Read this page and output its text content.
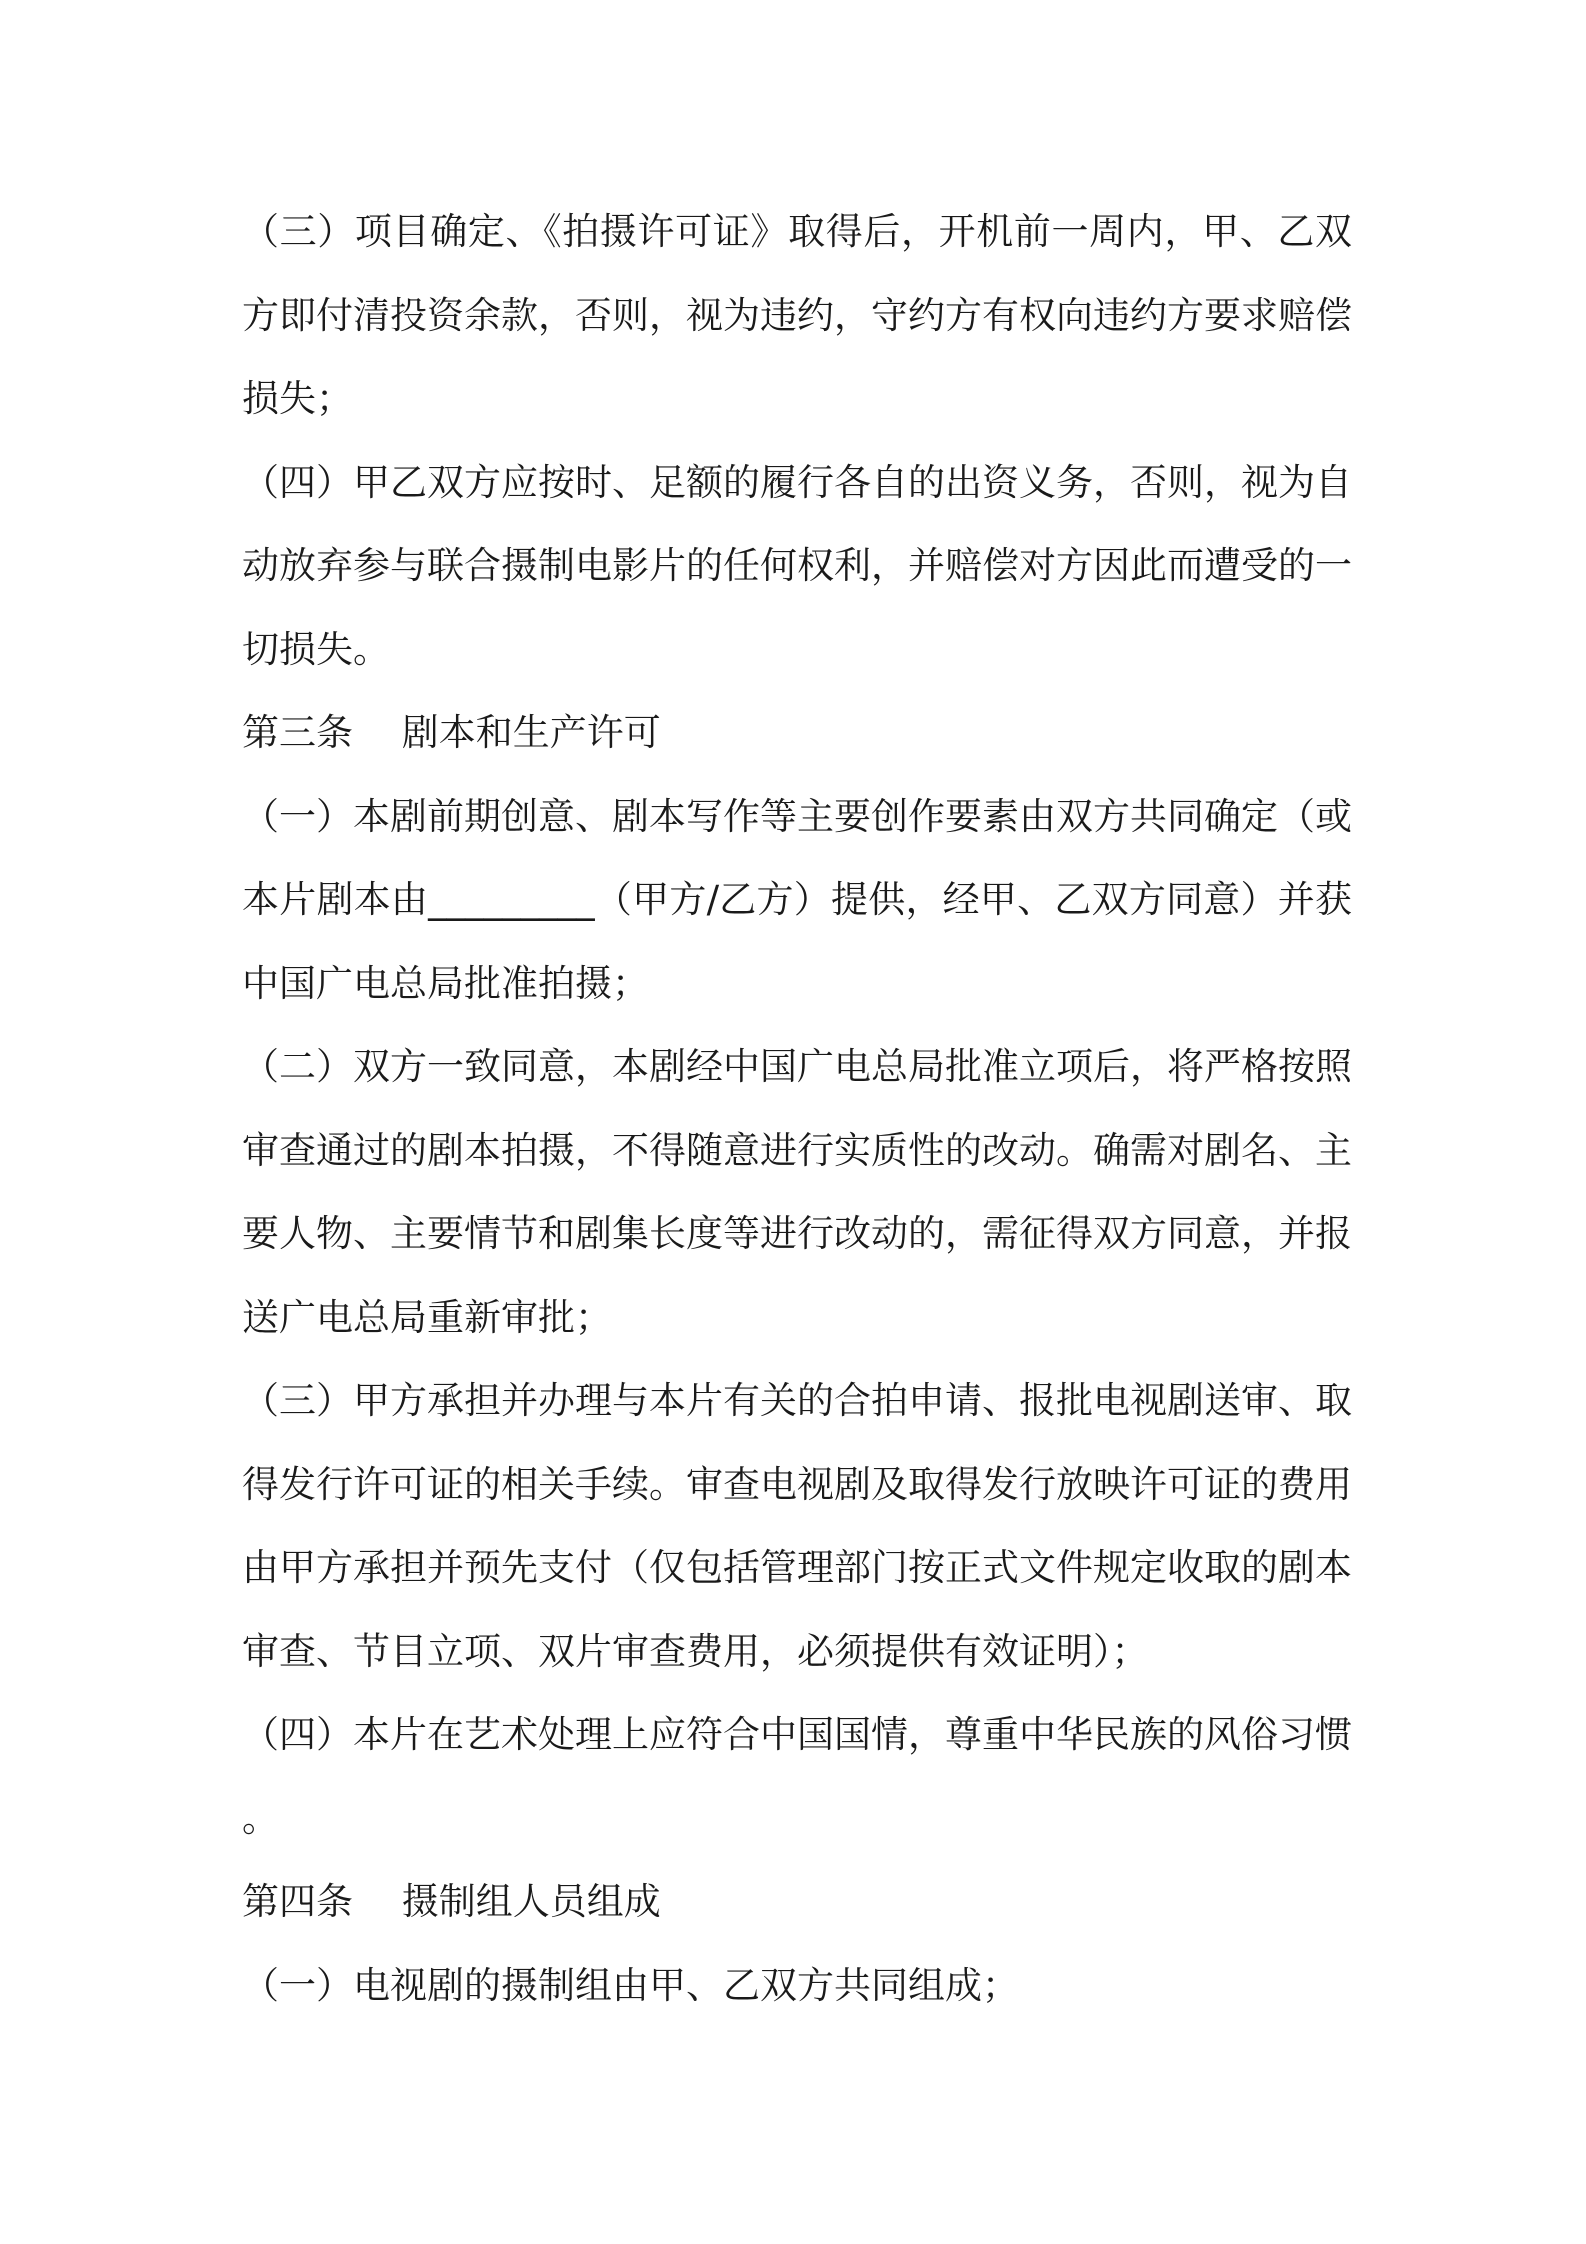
（三）项目确定、《拍摄许可证》取得后，开机前一周内，甲、乙双方即付清投资余款，否则，视为违约，守约方有权向违约方要求赔偿损失；

（四）甲乙双方应按时、足额的履行各自的出资义务，否则，视为自动放弃参与联合摄制电影片的任何权利，并赔偿对方因此而遭受的一切损失。

第三条　 剧本和生产许可

（一）本剧前期创意、剧本写作等主要创作要素由双方共同确定（或本片剧本由_________（甲方/乙方）提供，经甲、乙双方同意）并获中国广电总局批准拍摄；

（二）双方一致同意，本剧经中国广电总局批准立项后，将严格按照审查通过的剧本拍摄，不得随意进行实质性的改动。确需对剧名、主要人物、主要情节和剧集长度等进行改动的，需征得双方同意，并报送广电总局重新审批；

（三）甲方承担并办理与本片有关的合拍申请、报批电视剧送审、取得发行许可证的相关手续。审查电视剧及取得发行放映许可证的费用由甲方承担并预先支付（仅包括管理部门按正式文件规定收取的剧本审查、节目立项、双片审查费用，必须提供有效证明）；

（四）本片在艺术处理上应符合中国国情，尊重中华民族的风俗习惯。

第四条　 摄制组人员组成

（一）电视剧的摄制组由甲、乙双方共同组成；
